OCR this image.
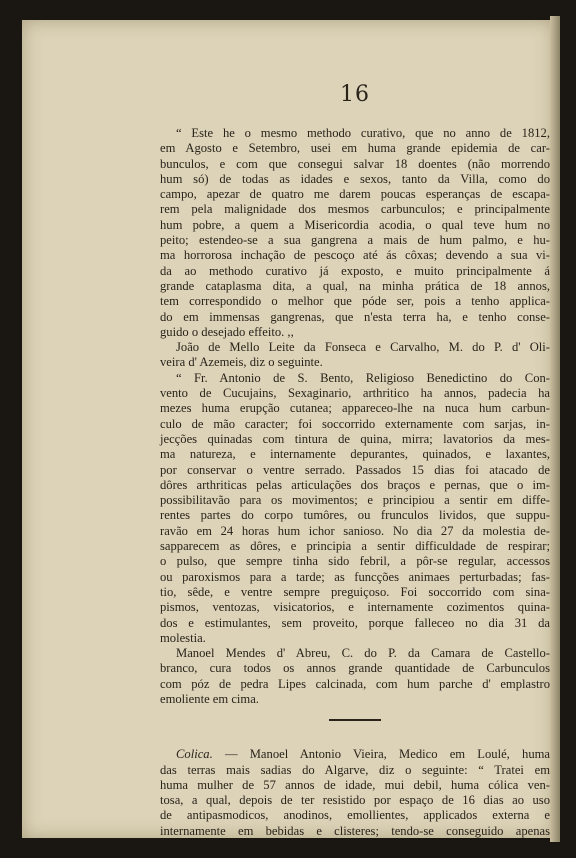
16
“ Este he o mesmo methodo curativo, que no anno de 1812,
em Agosto e Setembro, usei em huma grande epidemia de car-
bunculos, e com que consegui salvar 18 doentes (não morrendo
hum só) de todas as idades e sexos, tanto da Villa, como do
campo, apezar de quatro me darem poucas esperanças de escapa-
rem pela malignidade dos mesmos carbunculos; e principalmente
hum pobre, a quem a Misericordia acodia, o qual teve hum no
peito; estendeo-se a sua gangrena a mais de hum palmo, e hu-
ma horrorosa inchação de pescoço até ás côxas; devendo a sua vi-
da ao methodo curativo já exposto, e muito principalmente á
grande cataplasma dita, a qual, na minha prática de 18 annos,
tem correspondido o melhor que póde ser, pois a tenho applica-
do em immensas gangrenas, que n'esta terra ha, e tenho conse-
guido o desejado effeito. ,,
João de Mello Leite da Fonseca e Carvalho, M. do P. d' Oli-
veira d' Azemeis, diz o seguinte.
“ Fr. Antonio de S. Bento, Religioso Benedictino do Con-
vento de Cucujains, Sexaginario, arthritico ha annos, padecia ha
mezes huma erupção cutanea; appareceo-lhe na nuca hum carbun-
culo de mão caracter; foi soccorrido externamente com sarjas, in-
jecções quinadas com tintura de quina, mirra; lavatorios da mes-
ma natureza, e internamente depurantes, quinados, e laxantes,
por conservar o ventre serrado. Passados 15 dias foi atacado de
dôres arthriticas pelas articulações dos braços e pernas, que o im-
possibilitavão para os movimentos; e principiou a sentir em diffe-
rentes partes do corpo tumôres, ou frunculos lividos, que suppu-
ravão em 24 horas hum ichor sanioso. No dia 27 da molestia de-
sapparecem as dôres, e principia a sentir difficuldade de respirar;
o pulso, que sempre tinha sido febril, a pôr-se regular, accessos
ou paroxismos para a tarde; as funcções animaes perturbadas; fas-
tio, sêde, e ventre sempre preguiçoso. Foi soccorrido com sina-
pismos, ventozas, visicatorios, e internamente cozimentos quina-
dos e estimulantes, sem proveito, porque falleceo no dia 31 da
molestia.
Manoel Mendes d' Abreu, C. do P. da Camara de Castello-
branco, cura todos os annos grande quantidade de Carbunculos
com póz de pedra Lipes calcinada, com hum parche d' emplastro
emoliente em cima.
Colica. — Manoel Antonio Vieira, Medico em Loulé, huma
das terras mais sadias do Algarve, diz o seguinte: “ Tratei em
huma mulher de 57 annos de idade, mui debil, huma cólica ven-
tosa, a qual, depois de ter resistido por espaço de 16 dias ao uso
de antipasmodicos, anodinos, emollientes, applicados externa e
internamente em bebidas e clisteres; tendo-se conseguido apenas
